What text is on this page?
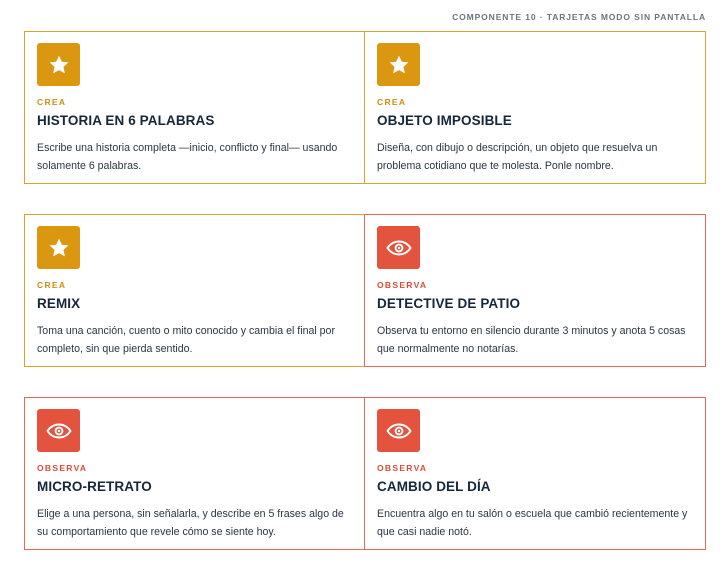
COMPONENTE 10 · TARJETAS MODO SIN PANTALLA
CREA
HISTORIA EN 6 PALABRAS
Escribe una historia completa —inicio, conflicto y final— usando solamente 6 palabras.
CREA
OBJETO IMPOSIBLE
Diseña, con dibujo o descripción, un objeto que resuelva un problema cotidiano que te molesta. Ponle nombre.
CREA
REMIX
Toma una canción, cuento o mito conocido y cambia el final por completo, sin que pierda sentido.
OBSERVA
DETECTIVE DE PATIO
Observa tu entorno en silencio durante 3 minutos y anota 5 cosas que normalmente no notarías.
OBSERVA
MICRO-RETRATO
Elige a una persona, sin señalarla, y describe en 5 frases algo de su comportamiento que revele cómo se siente hoy.
OBSERVA
CAMBIO DEL DÍA
Encuentra algo en tu salón o escuela que cambió recientemente y que casi nadie notó.
